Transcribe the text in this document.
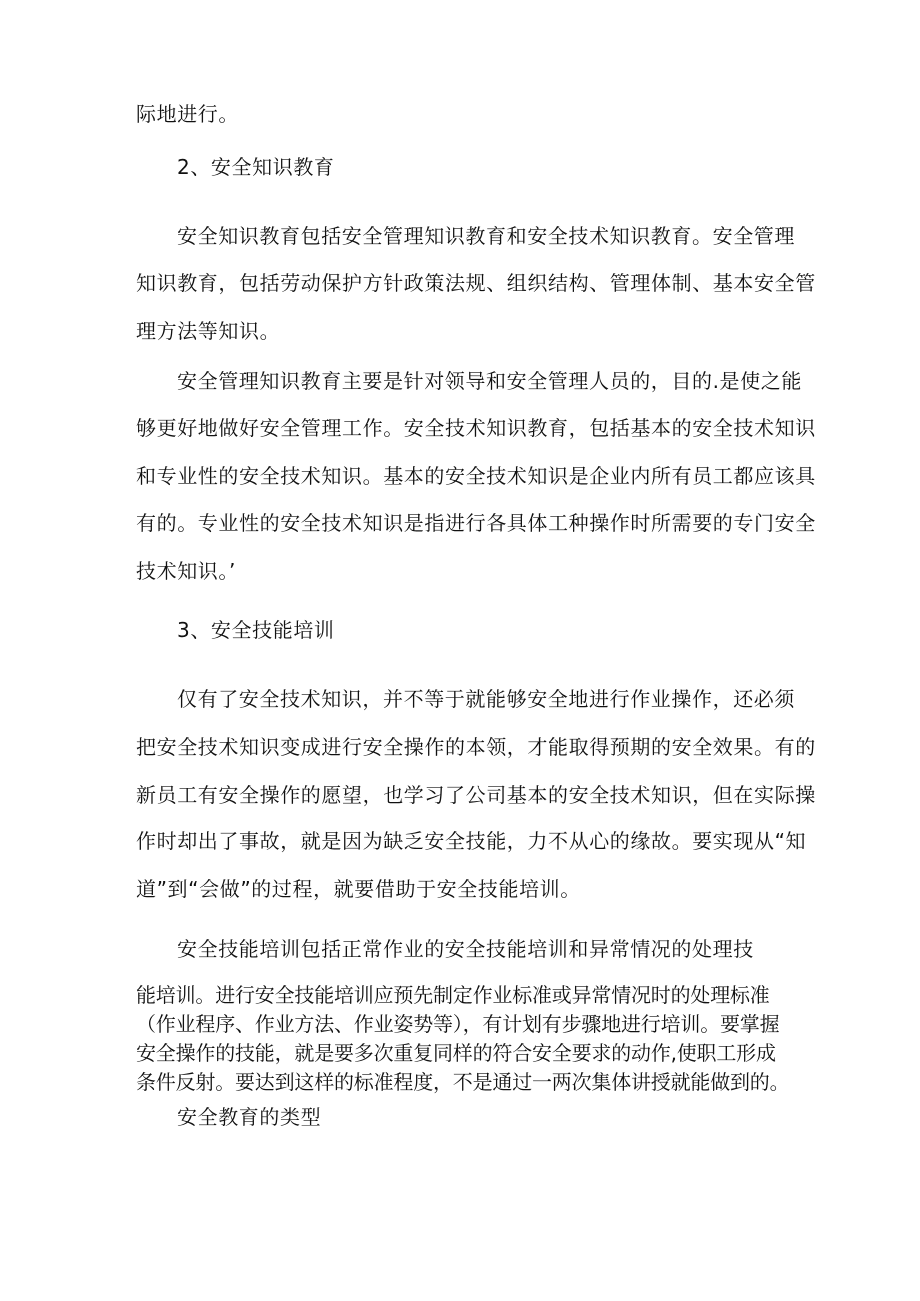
际地进行。

2、安全知识教育

安全知识教育包括安全管理知识教育和安全技术知识教育。安全管理

知识教育，包括劳动保护方针政策法规、组织结构、管理体制、基本安全管

理方法等知识。

安全管理知识教育主要是针对领导和安全管理人员的，目的.是使之能

够更好地做好安全管理工作。安全技术知识教育，包括基本的安全技术知识

和专业性的安全技术知识。基本的安全技术知识是企业内所有员工都应该具

有的。专业性的安全技术知识是指进行各具体工种操作时所需要的专门安全

技术知识。’

3、安全技能培训

仅有了安全技术知识，并不等于就能够安全地进行作业操作，还必须

把安全技术知识变成进行安全操作的本领，才能取得预期的安全效果。有的

新员工有安全操作的愿望，也学习了公司基本的安全技术知识，但在实际操

作时却出了事故，就是因为缺乏安全技能，力不从心的缘故。要实现从“知

道”到“会做”的过程，就要借助于安全技能培训。

安全技能培训包括正常作业的安全技能培训和异常情况的处理技

能培训。进行安全技能培训应预先制定作业标准或异常情况时的处理标准

（作业程序、作业方法、作业姿势等），有计划有步骤地进行培训。要掌握

安全操作的技能，就是要多次重复同样的符合安全要求的动作,使职工形成

条件反射。要达到这样的标准程度，不是通过一两次集体讲授就能做到的。

安全教育的类型
